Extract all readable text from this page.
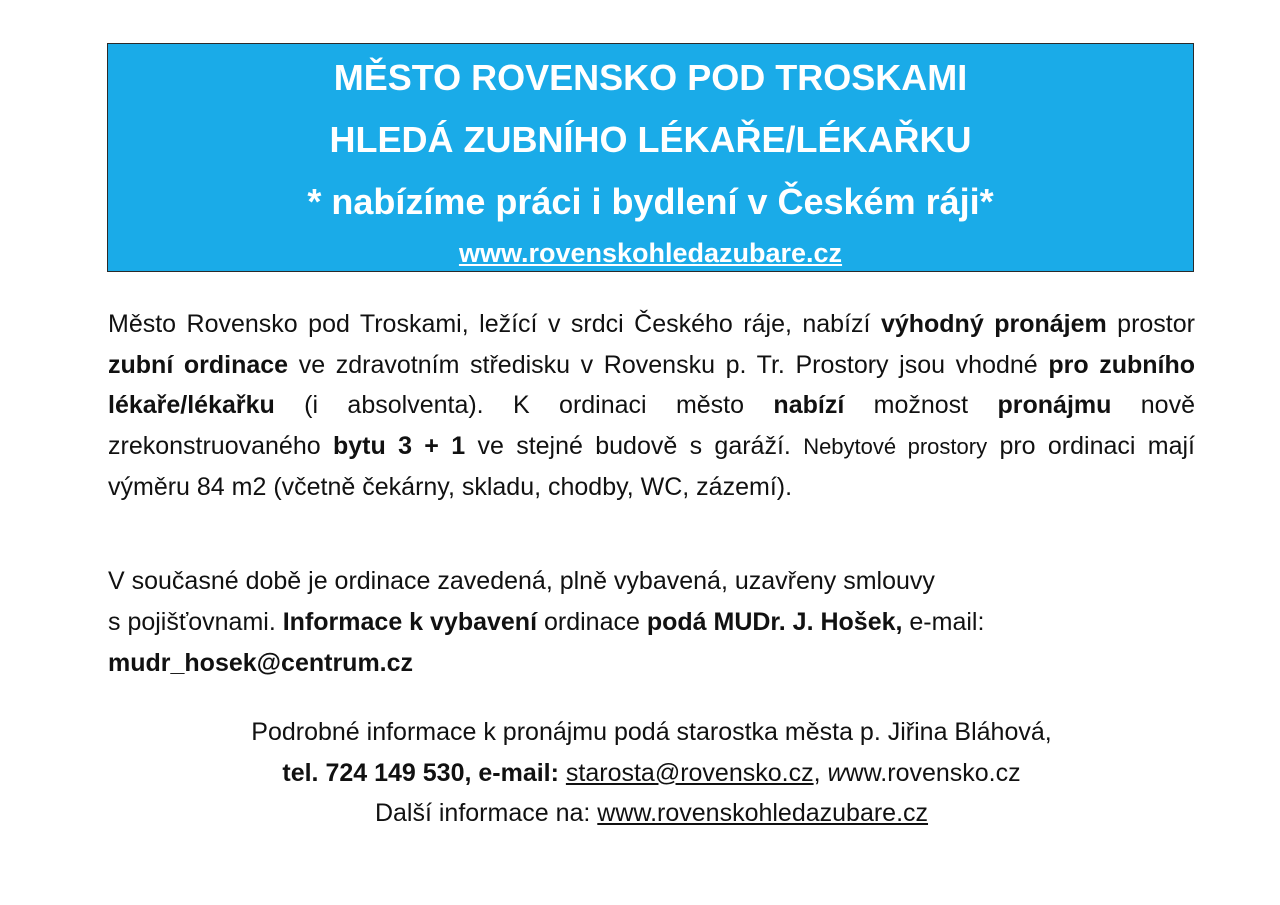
MĚSTO ROVENSKO POD TROSKAMI
HLEDÁ ZUBNÍHO LÉKAŘE/LÉKAŘKU
* nabízíme práci i bydlení v Českém ráji*
www.rovenskohledazubare.cz
Město Rovensko pod Troskami, ležící v srdci Českého ráje, nabízí výhodný pronájem prostor zubní ordinace ve zdravotním středisku v Rovensku p. Tr. Prostory jsou vhodné pro zubního lékaře/lékařku (i absolventa). K ordinaci město nabízí možnost pronájmu nově zrekonstruovaného bytu 3 + 1 ve stejné budově s garáží. Nebytové prostory pro ordinaci mají výměru 84 m2 (včetně čekárny, skladu, chodby, WC, zázemí).
V současné době je ordinace zavedená, plně vybavená, uzavřeny smlouvy
s pojišťovnami. Informace k vybavení ordinace podá MUDr. J. Hošek, e-mail:
mudr_hosek@centrum.cz
Podrobné informace k pronájmu podá starostka města p. Jiřina Bláhová,
tel. 724 149 530, e-mail: starosta@rovensko.cz, www.rovensko.cz
Další informace na: www.rovenskohledazubare.cz
